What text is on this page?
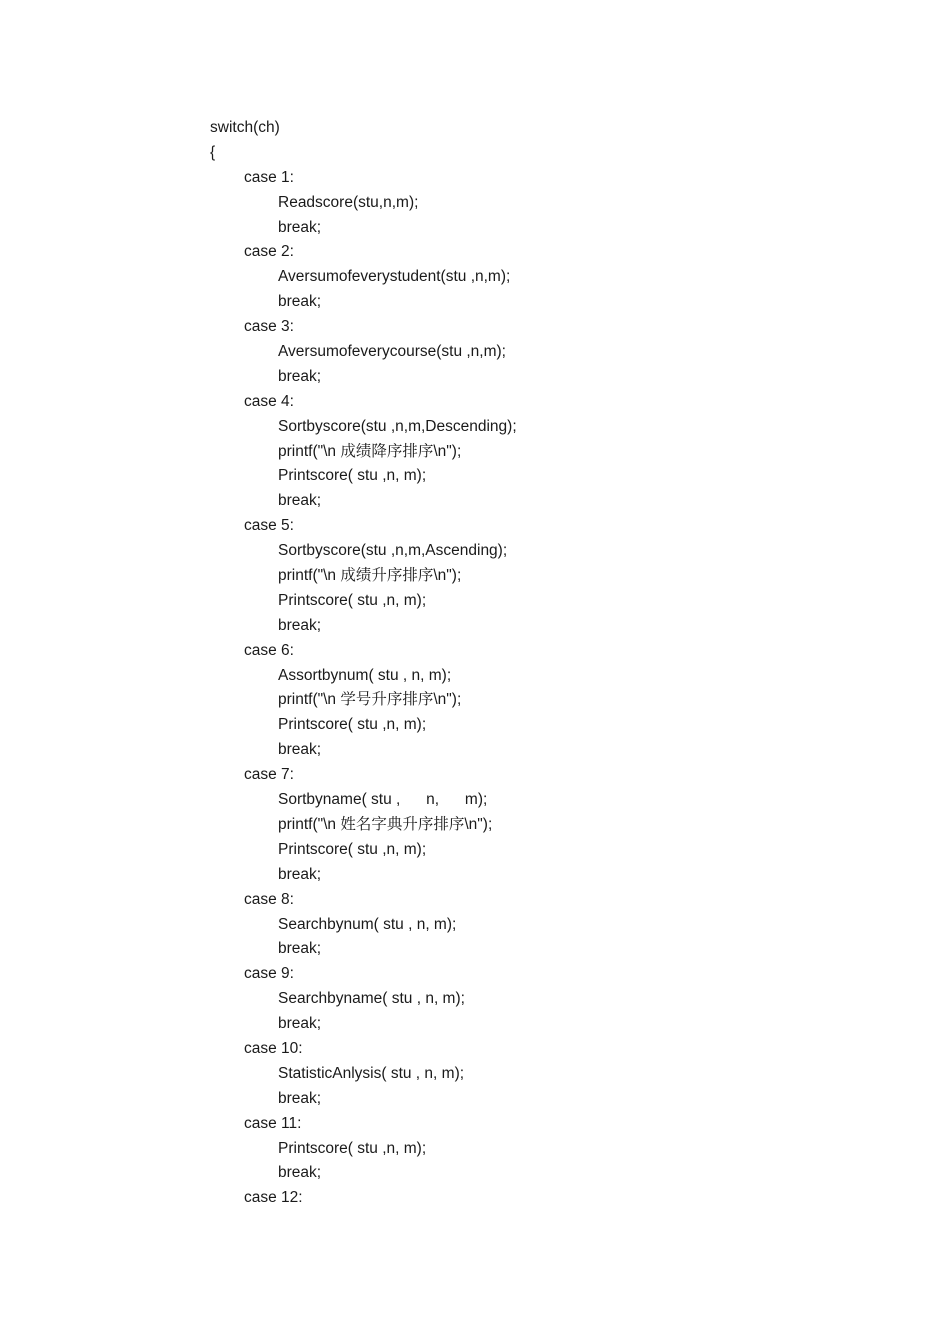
switch(ch)
{
case 1:
Readscore(stu,n,m);
break;
case 2:
Aversumofeverystudent(stu ,n,m);
break;
case 3:
Aversumofeverycourse(stu ,n,m);
break;
case 4:
Sortbyscore(stu ,n,m,Descending);
printf("\n 成绩降序排序\n");
Printscore( stu ,n, m);
break;
case 5:
Sortbyscore(stu ,n,m,Ascending);
printf("\n 成绩升序排序\n");
Printscore( stu ,n, m);
break;
case 6:
Assortbynum( stu , n, m);
printf("\n 学号升序排序\n");
Printscore( stu ,n, m);
break;
case 7:
Sortbyname( stu ,      n,      m);
printf("\n 姓名字典升序排序\n");
Printscore( stu ,n, m);
break;
case 8:
Searchbynum( stu , n, m);
break;
case 9:
Searchbyname( stu , n, m);
break;
case 10:
StatisticAnlysis( stu , n, m);
break;
case 11:
Printscore( stu ,n, m);
break;
case 12:
